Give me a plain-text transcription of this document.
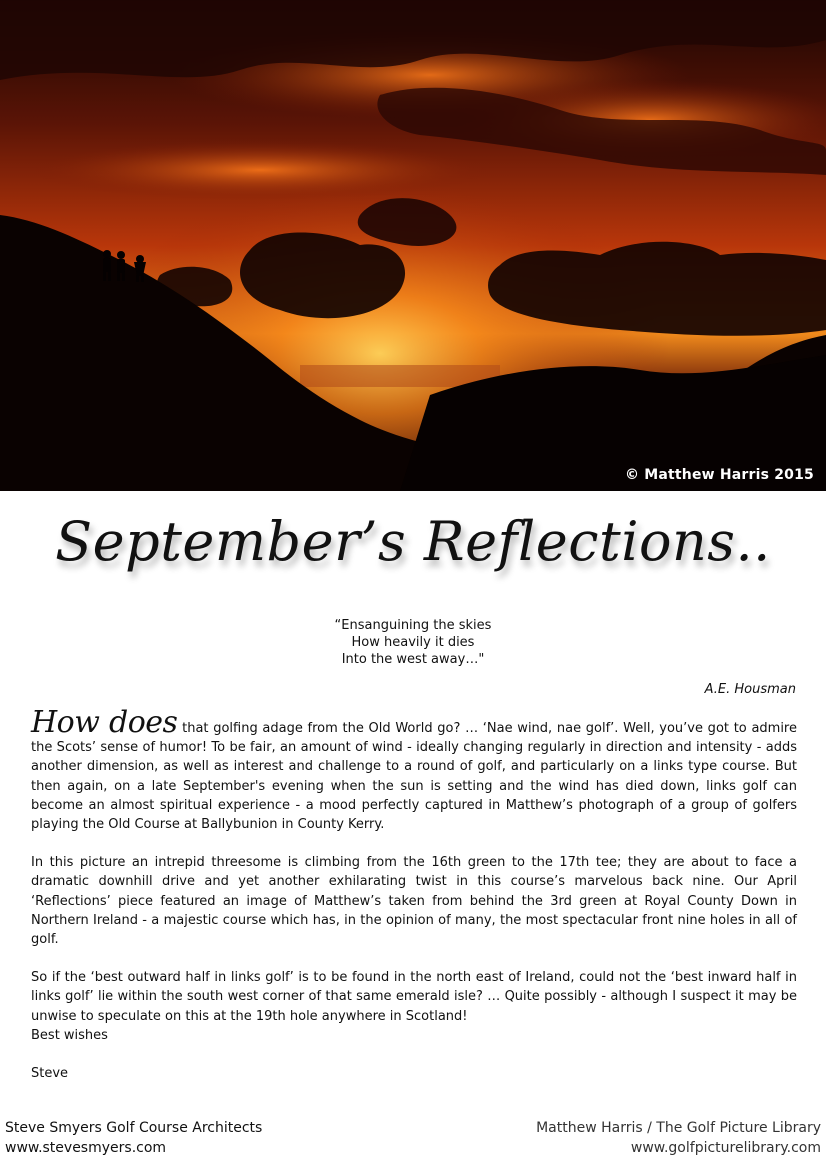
© Matthew Harris 2015
September’s Reflections..
“Ensanguining the skies
How heavily it dies
Into the west away…"
A.E. Housman

How does that golfing adage from the Old World go? … ‘Nae wind, nae golf’. Well, you’ve got to admire the Scots’ sense of humor! To be fair, an amount of wind - ideally changing regularly in direction and intensity - adds another dimension, as well as interest and challenge to a round of golf, and particularly on a links type course. But then again, on a late September's evening when the sun is setting and the wind has died down, links golf can become an almost spiritual experience - a mood perfectly captured in Matthew’s photograph of a group of golfers playing the Old Course at Ballybunion in County Kerry.

In this picture an intrepid threesome is climbing from the 16th green to the 17th tee; they are about to face a dramatic downhill drive and yet another exhilarating twist in this course’s marvelous back nine. Our April ‘Reflections’ piece featured an image of Matthew’s taken from behind the 3rd green at Royal County Down in Northern Ireland - a majestic course which has, in the opinion of many, the most spectacular front nine holes in all of golf.

So if the ‘best outward half in links golf’ is to be found in the north east of Ireland, could not the ‘best inward half in links golf’ lie within the south west corner of that same emerald isle? … Quite possibly - although I suspect it may be unwise to speculate on this at the 19th hole anywhere in Scotland!

Best wishes
Steve
Steve Smyers Golf Course Architects
www.stevesmyers.com
Matthew Harris / The Golf Picture Library
www.golfpicturelibrary.com
